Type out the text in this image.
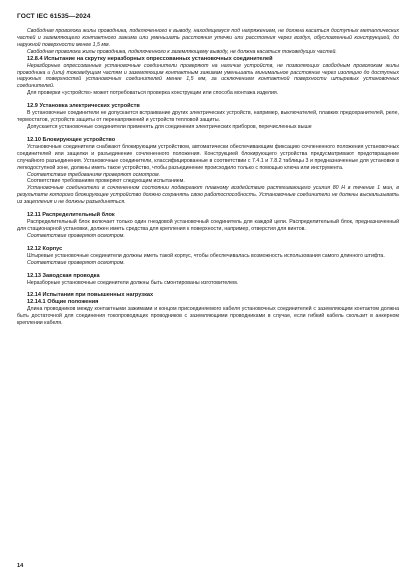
ГОСТ IEC 61535—2024

Свободная проволока жилы проводника, подключенного к выводу, находящемуся под напряжением, не должна касаться доступных металлических частей и заземляющего контактного зажима или уменьшать расстояния утечки или расстояния через воздух, обусловленный конструкцией, до наружной поверхности менее 1,5 мм.

Свободная проволока жилы проводника, подключенного к заземляющему выводу, не должна касаться токоведущих частей.

12.8.4 Испытание на скрутку неразборных опрессованных установочных соединителей

Неразборные опрессованные установочные соединители проверяют на наличие устройств, не позволяющих свободным проволокам жилы проводника и (или) токоведущим частям и заземляющим контактным зажимам уменьшать минимальное расстояние через изоляцию до доступных наружных поверхностей установочных соединителей менее 1,5 мм, за исключением контактной поверхности штыревых установочных соединителей.

Для проверки «устройств» может потребоваться проверка конструкции или способа монтажа изделия.

12.9 Установка электрических устройств

В установочные соединители не допускается встраивание других электрических устройств, например, выключателей, плавких предохранителей, реле, термостатов, устройств защиты от перенапряжений и устройств тепловой защиты.

Допускается установочные соединители применять для соединения электрических приборов, перечисленных выше

12.10 Блокирующее устройство

Установочные соединители снабжают блокирующим устройством, автоматически обеспечивающим фиксацию сочлененного положения установочных соединителей или защелки и разъединение сочлененного положения. Конструкцией блокирующего устройства предусматривают предотвращение случайного разъединения. Установочные соединители, классифицированные в соответствии с 7.4.1 и 7.8.2 таблицы 3 и предназначенные для установки в легкодоступной зоне, должны иметь такое устройство, чтобы разъединение происходило только с помощью ключа или инструмента.

Соответствие требованиям проверяют осмотром.

Соответствие требованиям проверяют следующим испытанием.

Установочные соединители в сочлененном состоянии подвергают плавному воздействию растягивающего усилия 80 Н в течение 1 мин, в результате которого блокирующее устройство должно сохранять свою работоспособность. Установочные соединители не должны выскальзывать из зацепления и не должны разъединяться.

12.11 Распределительный блок

Распределительный блок включает только один гнездовой установочный соединитель для каждой цепи. Распределительный блок, предназначенный для стационарной установки, должен иметь средства для крепления к поверхности, например, отверстия для винтов.

Соответствие проверяют осмотром.

12.12 Корпус

Штыревые установочные соединители должны иметь такой корпус, чтобы обеспечивалась возможность использования самого длинного штифта.

Соответствие проверяют осмотром.

12.13 Заводская проводка

Неразборные установочные соединители должны быть смонтированы изготовителем.

12.14 Испытания при повышенных нагрузках

12.14.1 Общие положения

Длина проводников между контактными зажимами и концом присоединяемого кабеля установочных соединителей с заземляющим контактом должна быть достаточной для соединения токопроводящих проводников с заземляющими проводниками в случае, если гибкий кабель скользит в анкерном креплении кабеля.

14
